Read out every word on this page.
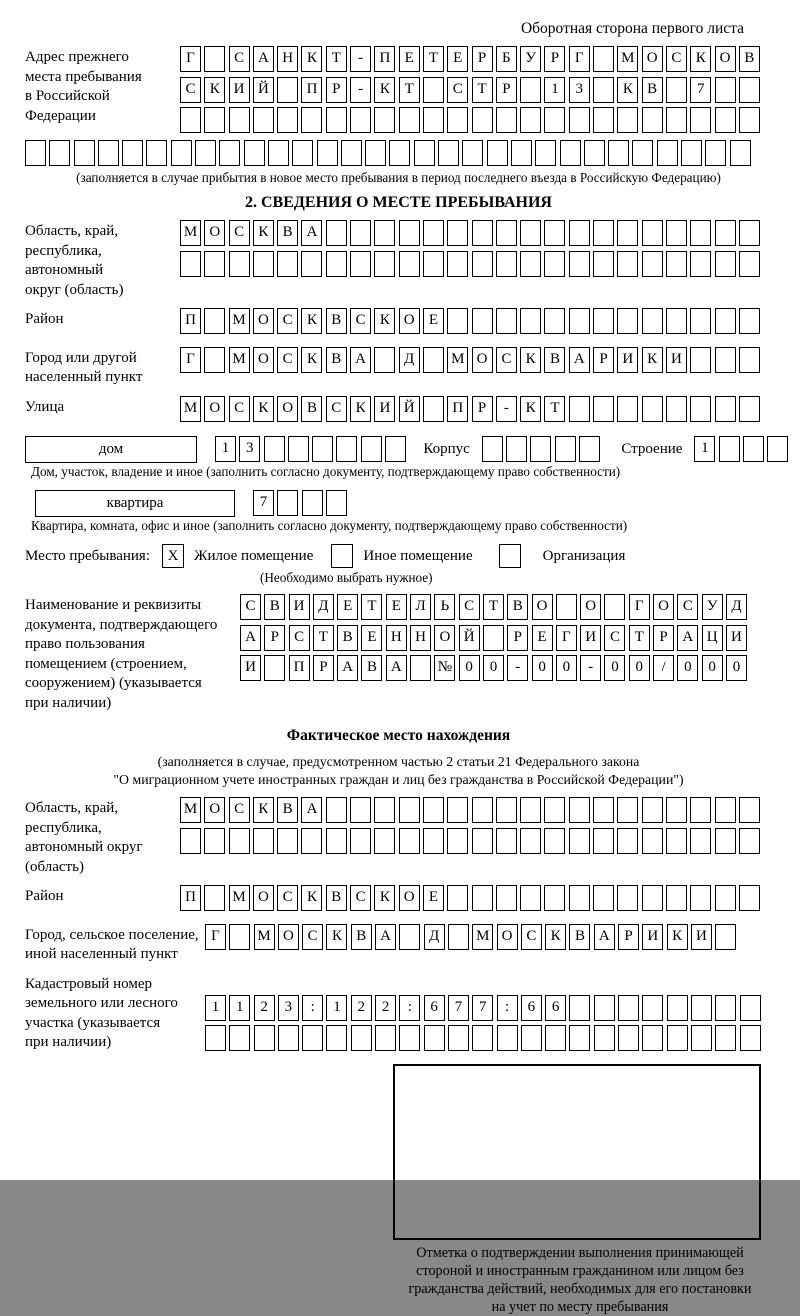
Оборотная сторона первого листа
Адрес прежнего
места пребывания
в Российской
Федерации
Г	С А Н К Т - П Е Т Е Р Б У Р Г	М О С К О В
С К И Й	П Р - К Т	С Т Р	1 3	К В	7
(заполняется в случае прибытия в новое место пребывания в период последнего въезда в Российскую Федерацию)
2. СВЕДЕНИЯ О МЕСТЕ ПРЕБЫВАНИЯ
Область, край,
республика,
автономный
округ (область)
М О С К В А
Район	П М О С К В С К О Е
Город или другой
населенный пункт
Г	М О С К В А	Д М О С К В А Р И К И
Улица	М О С К О В С К И Й	П Р - К Т
дом	1 3	Корпус	Строение 1
Дом, участок, владение и иное (заполнить согласно документу, подтверждающему право собственности)
квартира	7
Квартира, комната, офис и иное (заполнить согласно документу, подтверждающему право собственности)
Место пребывания:	X	Жилое помещение	Иное помещение	Организация
(Необходимо выбрать нужное)
Наименование и реквизиты
документа, подтверждающего
право пользования
помещением (строением,
сооружением) (указывается
при наличии)
С В И Д Е Т Е Л Ь С Т В О	О	Г О С У Д
А Р С Т В Е Н Н О Й	Р Е Г И С Т Р А Ц И
И	П Р А В А № 0 0 - 0 0 - 0 0 / 0 0 0
Фактическое место нахождения
(заполняется в случае, предусмотренном частью 2 статьи 21 Федерального закона
"О миграционном учете иностранных граждан и лиц без гражданства в Российской Федерации")
Область, край,
республика,
автономный округ
(область)
М О С К В А
Район	П М О С К В С К О Е
Город, сельское поселение,
иной населенный пункт
Г	М О С К В А	Д М О С К В А Р И К И
Кадастровый номер
земельного или лесного
участка (указывается
при наличии)
1 1 2 3 : 1 2 2 : 6 7 7 : 6 6
Отметка о подтверждении выполнения принимающей
стороной и иностранным гражданином или лицом без
гражданства действий, необходимых для его постановки
на учет по месту пребывания
